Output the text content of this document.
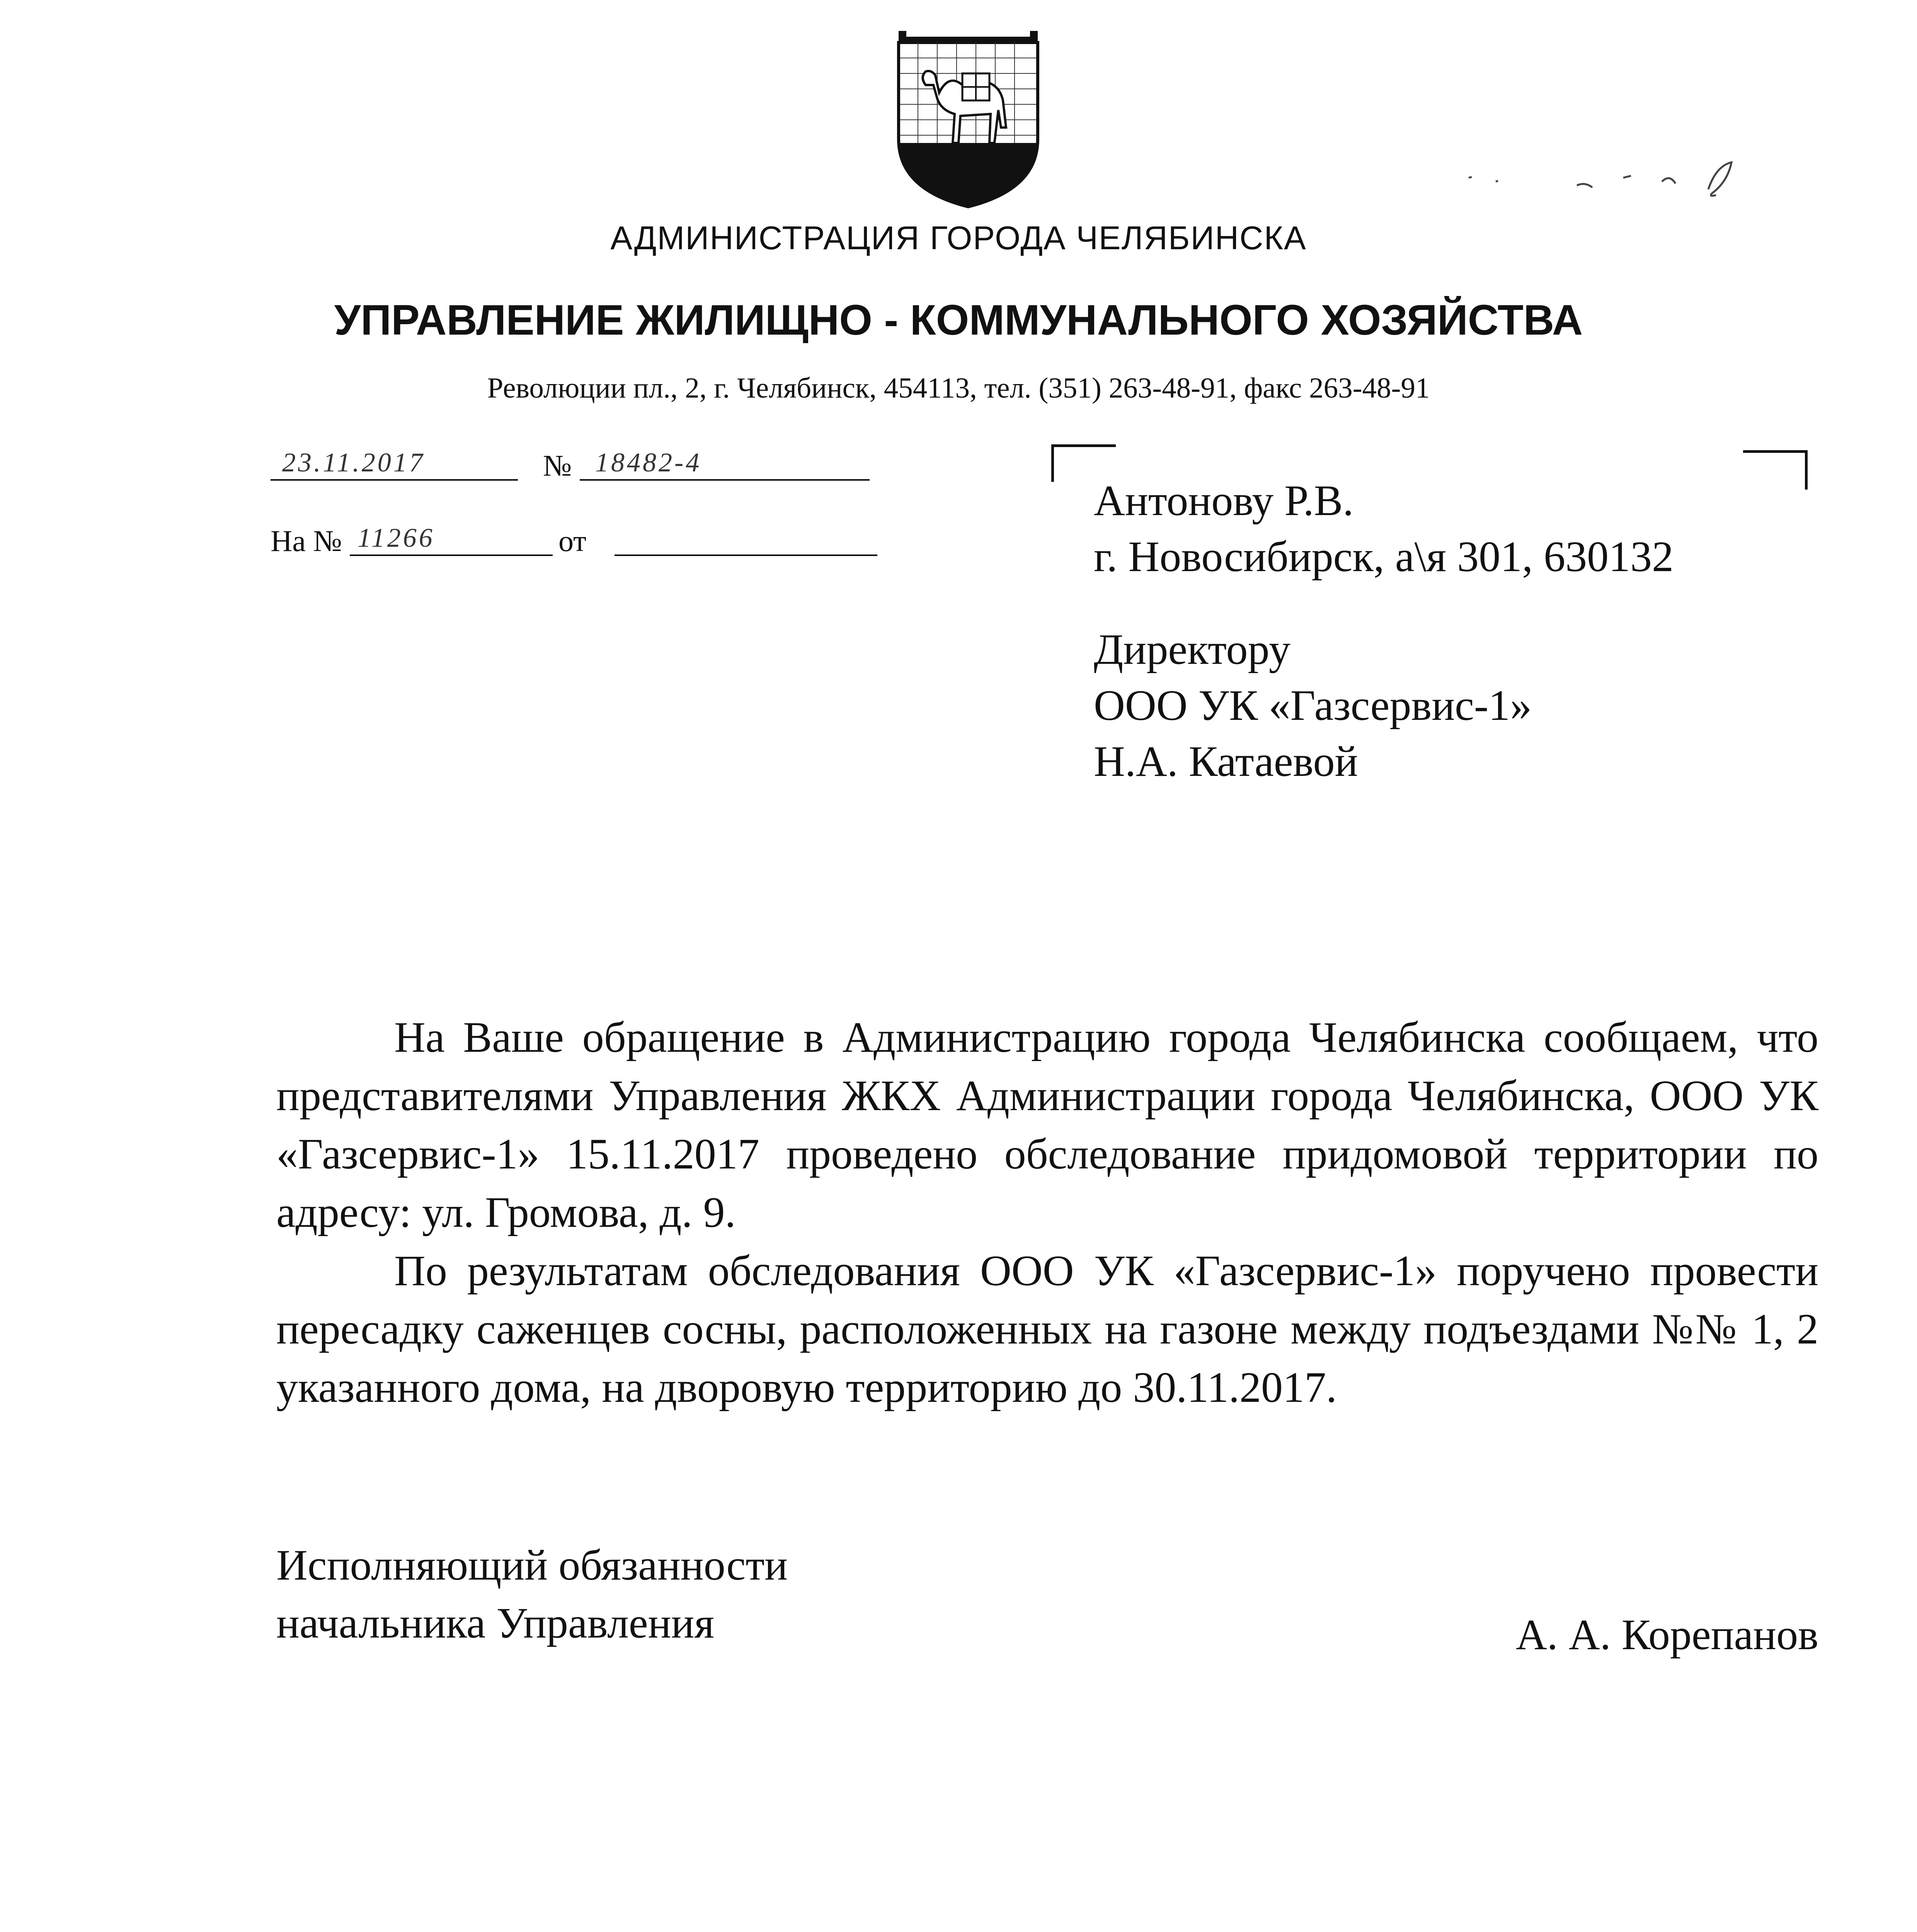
АДМИНИСТРАЦИЯ ГОРОДА ЧЕЛЯБИНСКА
УПРАВЛЕНИЕ ЖИЛИЩНО - КОММУНАЛЬНОГО ХОЗЯЙСТВА
Революции пл., 2, г. Челябинск, 454113, тел. (351) 263-48-91, факс 263-48-91
23.11.2017	№ 18482-4
На № 11266	от
Антонову Р.В.
г. Новосибирск, а\я 301, 630132
Директору
ООО УК «Газсервис-1»
Н.А. Катаевой

На Ваше обращение в Администрацию города Челябинска сообщаем, что представителями Управления ЖКХ Администрации города Челябинска, ООО УК «Газсервис-1» 15.11.2017 проведено обследование придомовой территории по адресу: ул. Громова, д. 9.

По результатам обследования ООО УК «Газсервис-1» поручено провести пересадку саженцев сосны, расположенных на газоне между подъездами №№ 1, 2 указанного дома, на дворовую территорию до 30.11.2017.

Исполняющий обязанности
начальника Управления	А. А. Корепанов
